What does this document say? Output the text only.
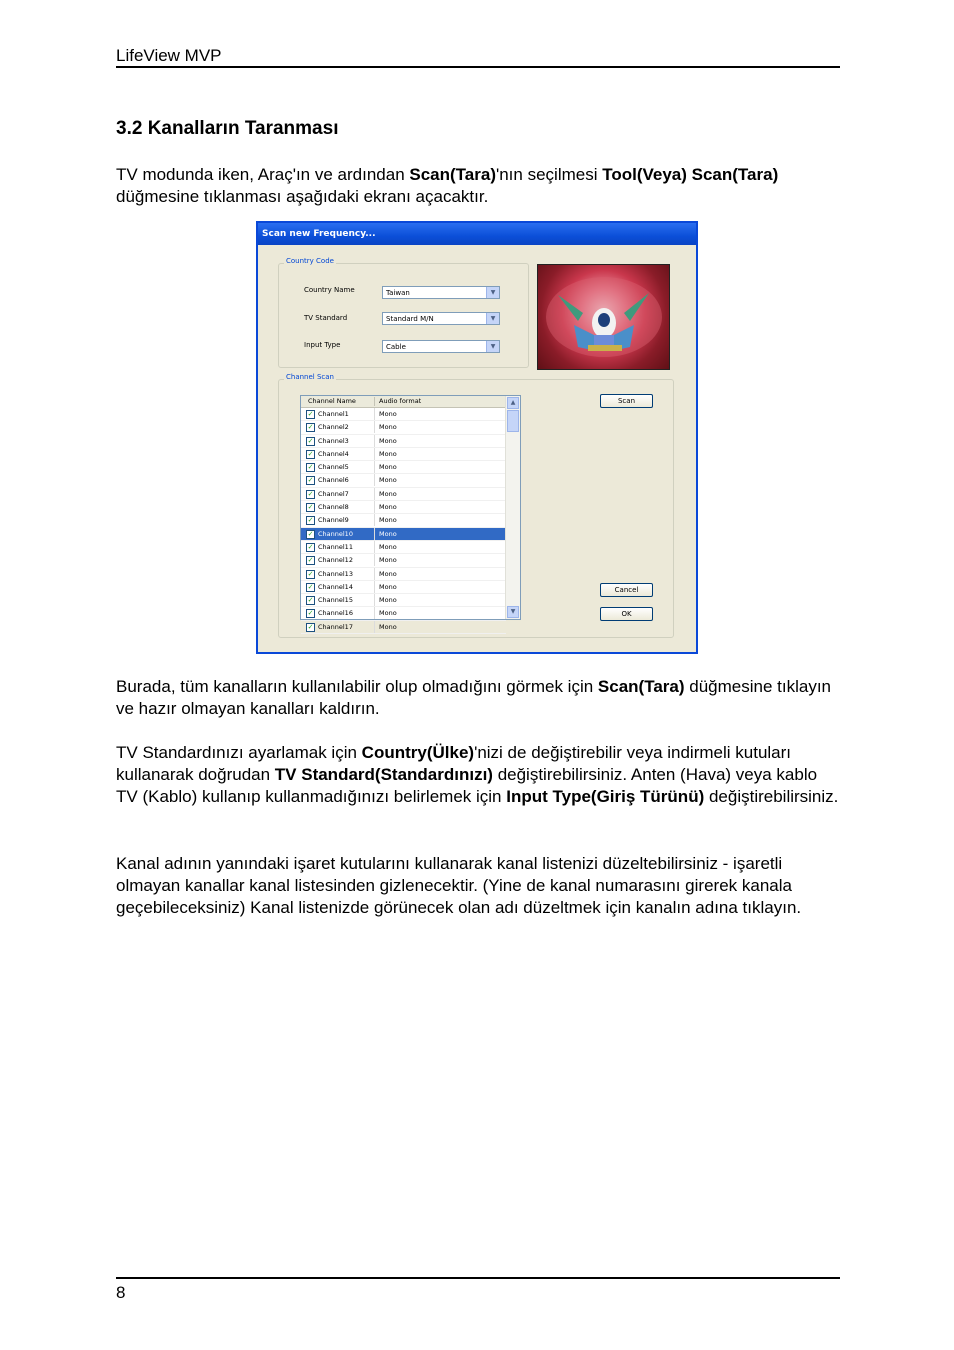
LifeView MVP
3.2 Kanalların Taranması
TV modunda iken, Araç'ın ve ardından Scan(Tara)'nın seçilmesi Tool(Veya) Scan(Tara) düğmesine tıklanması aşağıdaki ekranı açacaktır.
Scan new Frequency...
Country Code
Country Name	Taiwan	▼
TV Standard	Standard M/N	▼
Input Type	Cable	▼
Channel Scan
Channel Name	Audio format
✓ Channel1	Mono
✓ Channel2	Mono
✓ Channel3	Mono
✓ Channel4	Mono
✓ Channel5	Mono
✓ Channel6	Mono
✓ Channel7	Mono
✓ Channel8	Mono
✓ Channel9	Mono
✓ Channel10	Mono
✓ Channel11	Mono
✓ Channel12	Mono
✓ Channel13	Mono
✓ Channel14	Mono
✓ Channel15	Mono
✓ Channel16	Mono
✓ Channel17	Mono
▲
▼
Scan
Cancel
OK
Burada, tüm kanalların kullanılabilir olup olmadığını görmek için Scan(Tara) düğmesine tıklayın ve hazır olmayan kanalları kaldırın.
TV Standardınızı ayarlamak için Country(Ülke)'nizi de değiştirebilir veya indirmeli kutuları kullanarak doğrudan TV Standard(Standardınızı) değiştirebilirsiniz. Anten (Hava) veya kablo TV (Kablo) kullanıp kullanmadığınızı belirlemek için Input Type(Giriş Türünü) değiştirebilirsiniz.
Kanal adının yanındaki işaret kutularını kullanarak kanal listenizi düzeltebilirsiniz - işaretli olmayan kanallar kanal listesinden gizlenecektir. (Yine de kanal numarasını girerek kanala geçebileceksiniz) Kanal listenizde görünecek olan adı düzeltmek için kanalın adına tıklayın.
8
